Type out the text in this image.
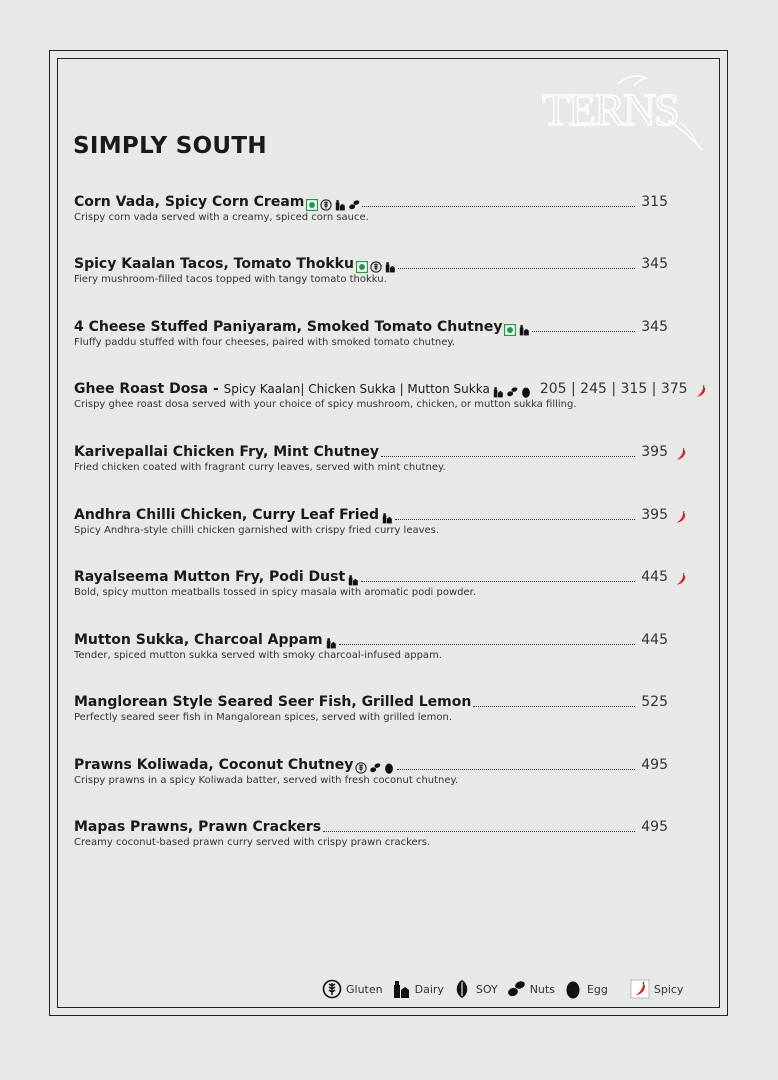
TERNS
SIMPLY SOUTH
Corn Vada, Spicy Corn Cream	315
Crispy corn vada served with a creamy, spiced corn sauce.
Spicy Kaalan Tacos, Tomato Thokku	345
Fiery mushroom-filled tacos topped with tangy tomato thokku.
4 Cheese Stuffed Paniyaram, Smoked Tomato Chutney	345
Fluffy paddu stuffed with four cheeses, paired with smoked tomato chutney.
Ghee Roast Dosa - Spicy Kaalan| Chicken Sukka | Mutton Sukka	205 | 245 | 315 | 375
Crispy ghee roast dosa served with your choice of spicy mushroom, chicken, or mutton sukka filling.
Karivepallai Chicken Fry, Mint Chutney	395
Fried chicken coated with fragrant curry leaves, served with mint chutney.
Andhra Chilli Chicken, Curry Leaf Fried	395
Spicy Andhra-style chilli chicken garnished with crispy fried curry leaves.
Rayalseema Mutton Fry, Podi Dust	445
Bold, spicy mutton meatballs tossed in spicy masala with aromatic podi powder.
Mutton Sukka, Charcoal Appam	445
Tender, spiced mutton sukka served with smoky charcoal-infused appam.
Manglorean Style Seared Seer Fish, Grilled Lemon	525
Perfectly seared seer fish in Mangalorean spices, served with grilled lemon.
Prawns Koliwada, Coconut Chutney	495
Crispy prawns in a spicy Koliwada batter, served with fresh coconut chutney.
Mapas Prawns, Prawn Crackers	495
Creamy coconut-based prawn curry served with crispy prawn crackers.
Gluten	Dairy	SOY	Nuts	Egg	Spicy
